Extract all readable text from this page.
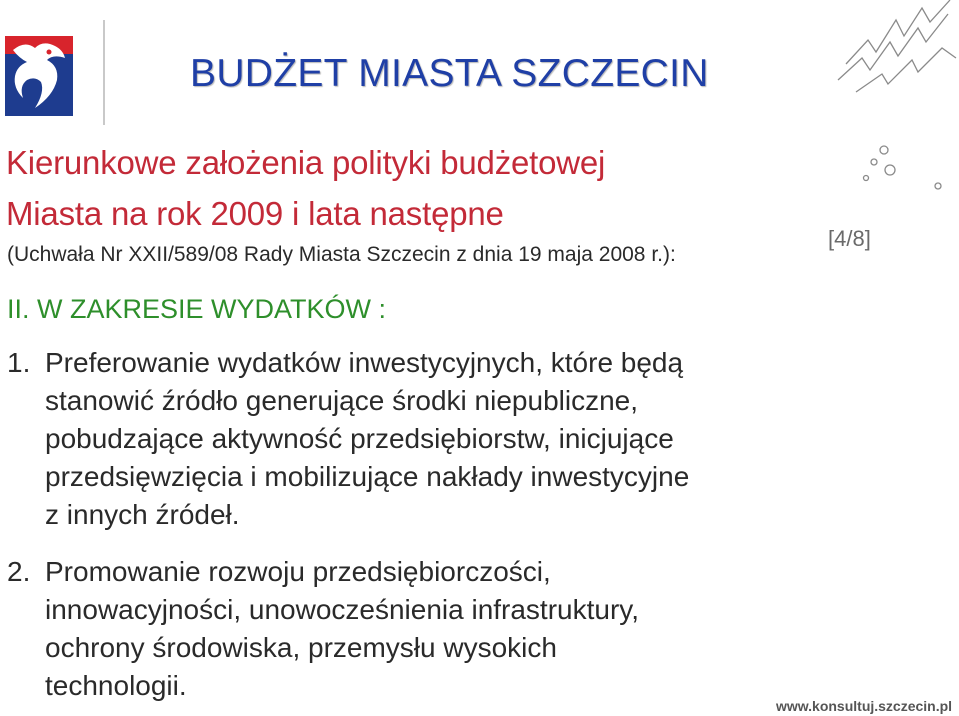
BUDŻET MIASTA SZCZECIN
[4/8]
Kierunkowe założenia polityki budżetowej
Miasta na rok 2009 i lata następne
(Uchwała Nr XXII/589/08 Rady Miasta Szczecin z dnia 19 maja 2008 r.):
II. W ZAKRESIE WYDATKÓW :
1. Preferowanie wydatków inwestycyjnych, które będą
stanowić źródło generujące środki niepubliczne,
pobudzające aktywność przedsiębiorstw, inicjujące
przedsięwzięcia i mobilizujące nakłady inwestycyjne
z innych źródeł.
2. Promowanie rozwoju przedsiębiorczości,
innowacyjności, unowocześnienia infrastruktury,
ochrony środowiska, przemysłu wysokich
technologii.
www.konsultuj.szczecin.pl
